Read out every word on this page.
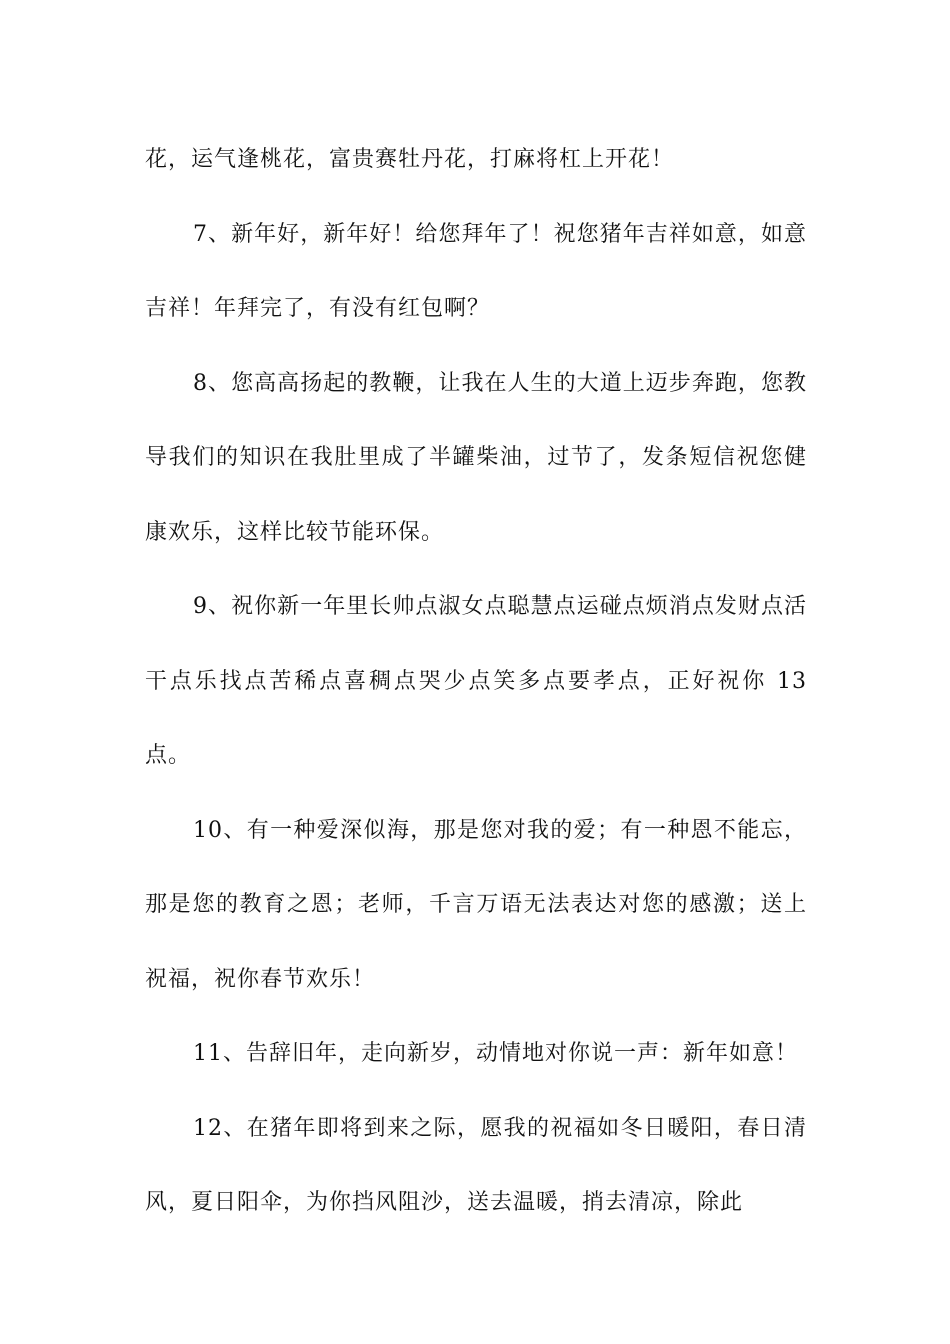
花，运气逢桃花，富贵赛牡丹花，打麻将杠上开花！

7、新年好，新年好！给您拜年了！祝您猪年吉祥如意，如意吉祥！年拜完了，有没有红包啊？

8、您高高扬起的教鞭，让我在人生的大道上迈步奔跑，您教导我们的知识在我肚里成了半罐柴油，过节了，发条短信祝您健康欢乐，这样比较节能环保。

9、祝你新一年里长帅点淑女点聪慧点运碰点烦消点发财点活干点乐找点苦稀点喜稠点哭少点笑多点要孝点，正好祝你 13 点。

10、有一种爱深似海，那是您对我的爱；有一种恩不能忘，那是您的教育之恩；老师，千言万语无法表达对您的感激；送上祝福，祝你春节欢乐！

11、告辞旧年，走向新岁，动情地对你说一声：新年如意！

12、在猪年即将到来之际，愿我的祝福如冬日暖阳，春日清风，夏日阳伞，为你挡风阻沙，送去温暖，捎去清凉，除此
